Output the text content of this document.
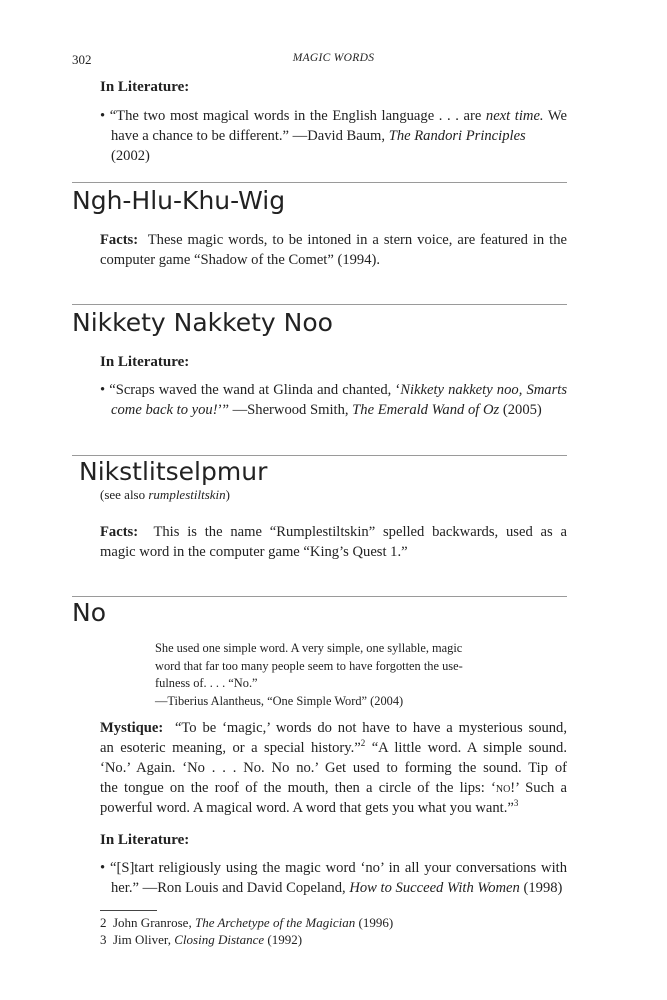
302	MAGIC WORDS
In Literature:
• “The two most magical words in the English language . . . are next time. We
have a chance to be different.” —David Baum, The Randori Principles (2002)
Ngh-Hlu-Khu-Wig
Facts: These magic words, to be intoned in a stern voice, are featured in the
computer game “Shadow of the Comet” (1994).
Nikkety Nakkety Noo
In Literature:
• “Scraps waved the wand at Glinda and chanted, ‘Nikkety nakkety noo, Smarts
come back to you!’” —Sherwood Smith, The Emerald Wand of Oz (2005)
Nikstlitselpmur
(see also rumplestiltskin)
Facts: This is the name “Rumplestiltskin” spelled backwards, used as a
magic word in the computer game “King’s Quest 1.”
No
She used one simple word. A very simple, one syllable, magic
word that far too many people seem to have forgotten the use-
fulness of. . . . “No.”
—Tiberius Alantheus, “One Simple Word” (2004)
Mystique: “To be ‘magic,’ words do not have to have a mysterious sound,
an esoteric meaning, or a special history.”$^2$ “A little word. A simple sound.
‘No.’ Again. ‘No . . . No. No no.’ Get used to forming the sound. Tip of
the tongue on the roof of the mouth, then a circle of the lips: ‘no!’ Such a
powerful word. A magical word. A word that gets you what you want.”$^3$
In Literature:
• “[S]tart religiously using the magic word ‘no’ in all your conversations with
her.” —Ron Louis and David Copeland, How to Succeed With Women (1998)
2 John Granrose, The Archetype of the Magician (1996)
3 Jim Oliver, Closing Distance (1992)
